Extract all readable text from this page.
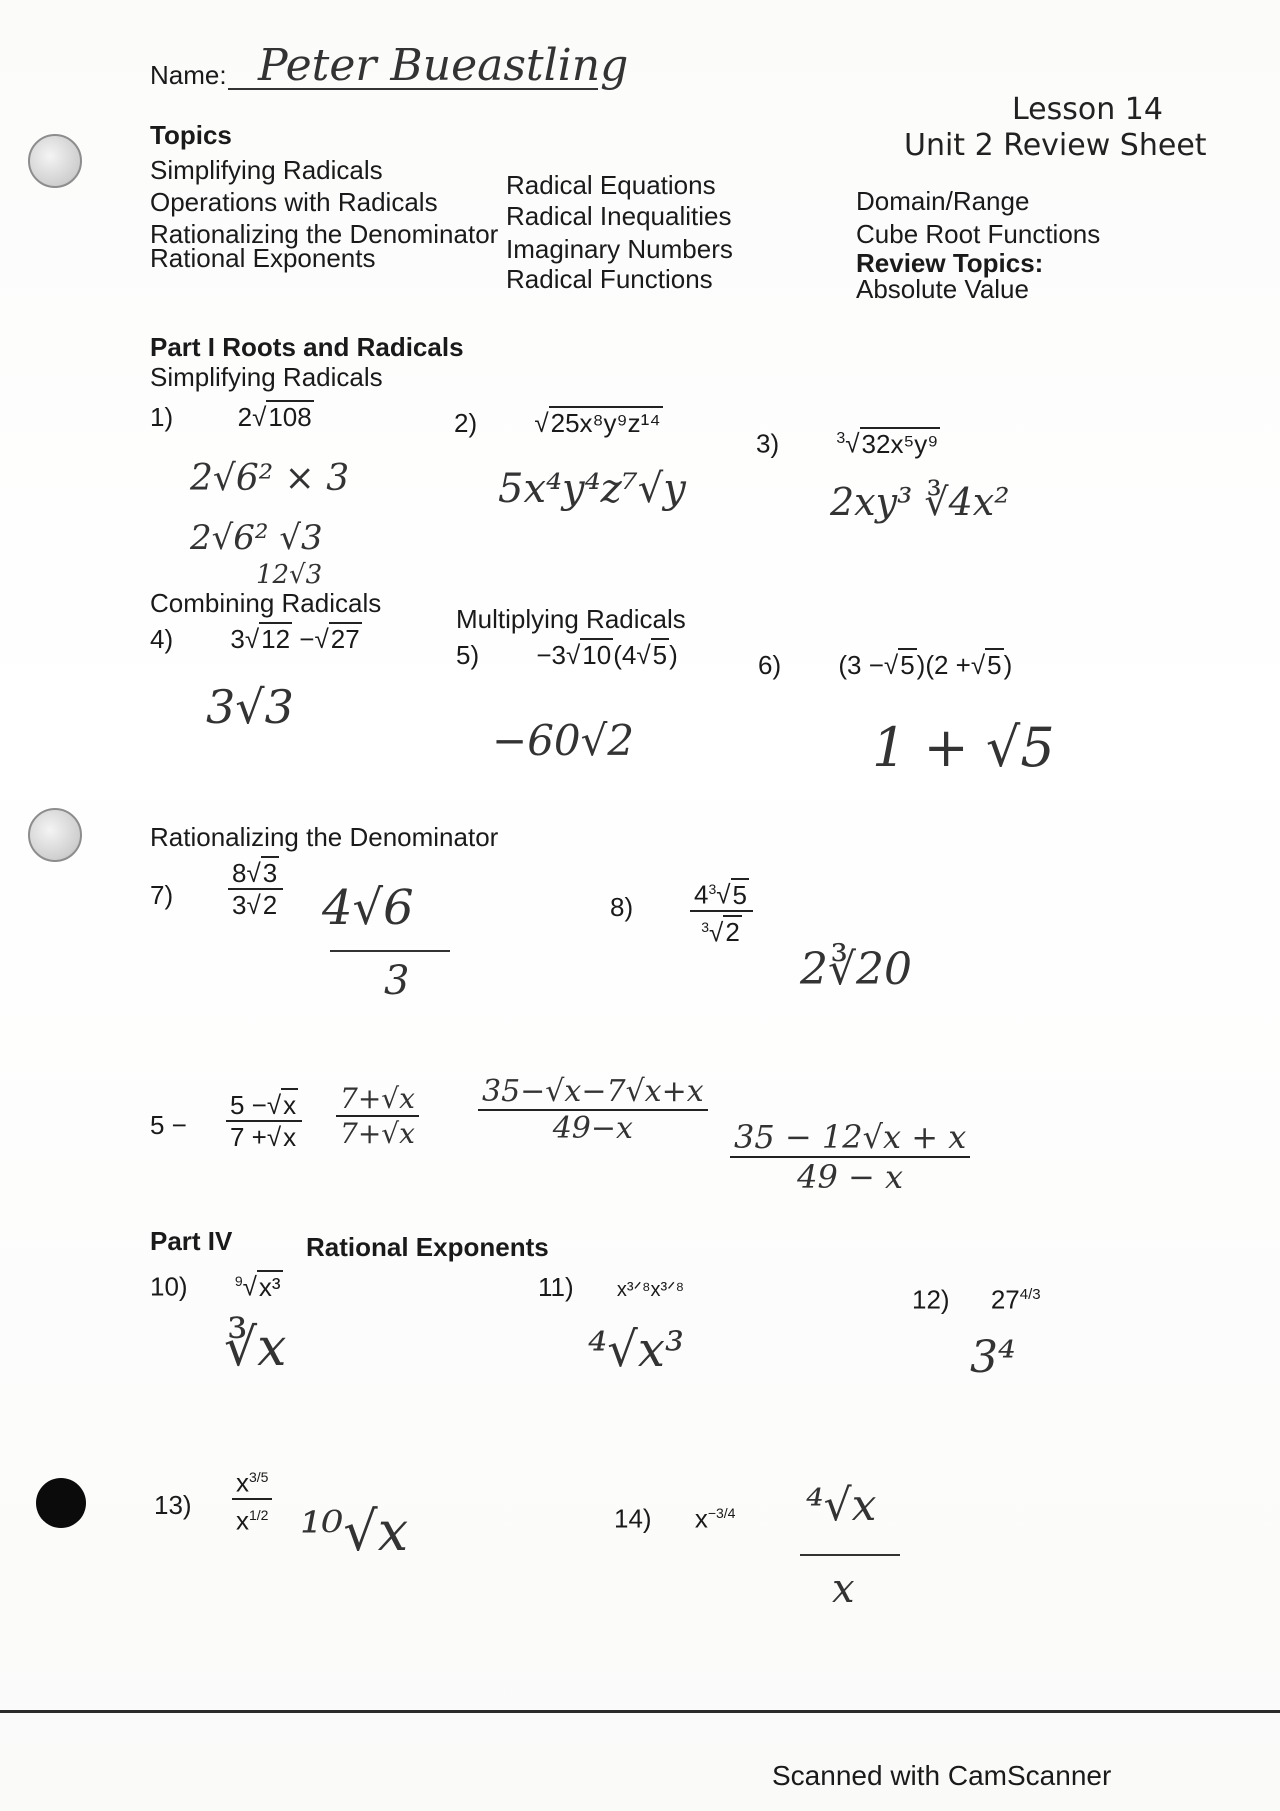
Name: Peter Bueastling
Lesson 14
Unit 2 Review Sheet
Topics
Simplifying Radicals
Operations with Radicals
Rationalizing the Denominator
Rational Exponents
Radical Equations
Radical Inequalities
Imaginary Numbers
Radical Functions
Domain/Range
Cube Root Functions
Review Topics:
Absolute Value
Part I Roots and Radicals
Simplifying Radicals
1) 2√108
2√6² × 3
2√6² √3
12√3
2) √25x⁸y⁹z¹⁴
5x⁴y⁴z⁷√y
3)	$^3$√32x⁵y⁹
2xy³ ∛4x²
Combining Radicals
Multiplying Radicals
4) 3√12 −√27
3√3
5) −3√10(4√5)
−60√2
6) (3 −√5)(2 +√5)
1 + √5
Rationalizing the Denominator
$7) \frac{8√3}{3√2} 4√6$
3
$8) \frac{4^3√5}{^3√2}$
2∛20
$5 - \frac{5 -√x}{7 +√x} \frac{7+√x}{7+√x} \frac{35-√x-7√x+x}{49-x}$
$\frac{35 - 12√x + x}{49 - x}$
Part IV	Rational Exponents
10)	$^9$√x³
∛x
11) x³ᐟ⁸x³ᐟ⁸
⁴√x³
12) $27^{4/3}$
3⁴
$13) \frac{x^{3/5}}{x^{1/2}} ^{10}√x$	14) $x^{-3/4}$ ⁴√x
x
Scanned with CamScanner
